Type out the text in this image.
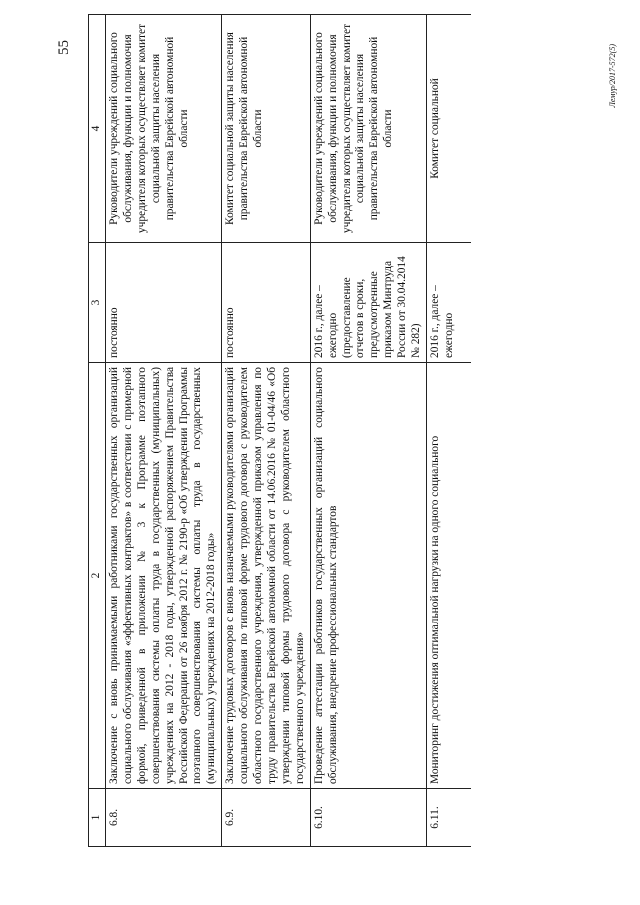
55
1	2	3	4
6.8.	Заключение с вновь принимаемыми работниками государственных организаций социального обслуживания «эффективных контрактов» в соответствии с примерной формой, приведенной в приложении № 3 к Программе поэтапного совершенствования системы оплаты труда в государственных (муниципальных) учреждениях на 2012 - 2018 годы, утвержденной распоряжением Правительства Российской Федерации от 26 ноября 2012 г. № 2190-р «Об утверждении Программы поэтапного совершенствования системы оплаты труда в государственных (муниципальных) учреждениях на 2012-2018 годы»	постоянно	Руководители учреждений социального обслуживания, функции и полномочия учредителя которых осуществляет комитет социальной защиты населения правительства Еврейской автономной области
6.9.	Заключение трудовых договоров с вновь назначаемыми руководителями организаций социального обслуживания по типовой форме трудового договора с руководителем областного государственного учреждения, утвержденной приказом управления по труду правительства Еврейской автономной области от 14.06.2016 № 01-04/46 «Об утверждении типовой формы трудового договора с руководителем областного государственного учреждения»	постоянно	Комитет социальной защиты населения правительства Еврейской автономной области
6.10.	Проведение аттестации работников государственных организаций социального обслуживания, внедрение профессиональных стандартов	2016 г., далее – ежегодно (предоставление отчетов в сроки, предусмотренные приказом Минтруда России от 30.04.2014 № 282)	Руководители учреждений социального обслуживания, функции и полномочия учредителя которых осуществляет комитет социальной защиты населения правительства Еврейской автономной области
6.11.	Мониторинг достижения оптимальной нагрузки на одного социального	2016 г., далее – ежегодно	Комитет социальной
Лемур/2017-572(5)
